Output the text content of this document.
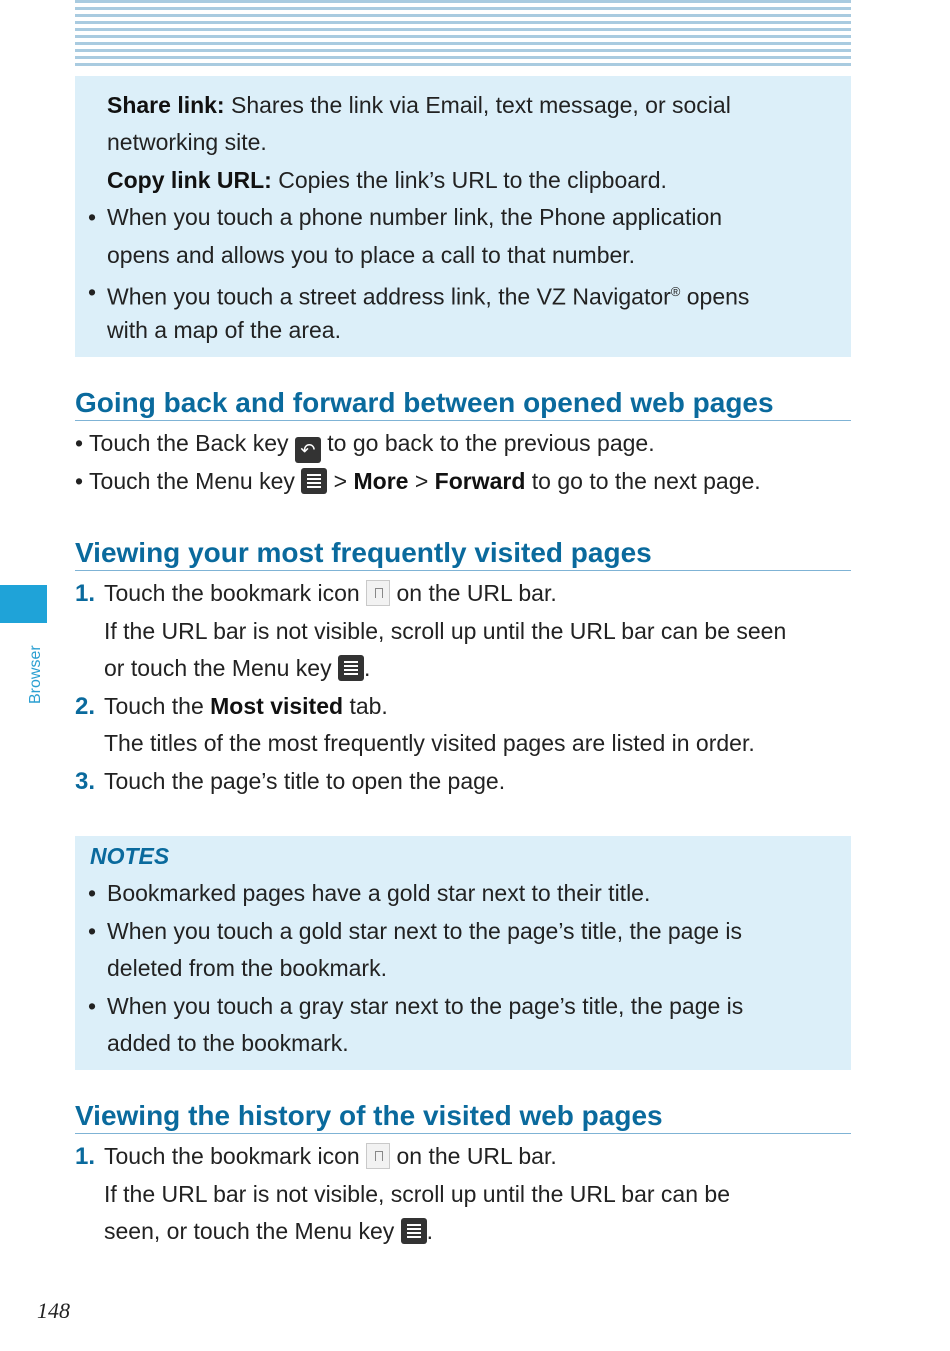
Share link: Shares the link via Email, text message, or social
networking site.
Copy link URL: Copies the link’s URL to the clipboard.
• When you touch a phone number link, the Phone application
opens and allows you to place a call to that number.
• When you touch a street address link, the VZ Navigator® opens
with a map of the area.
Going back and forward between opened web pages
• Touch the Back key ↶ to go back to the previous page.
• Touch the Menu key  > More > Forward to go to the next page.
Viewing your most frequently visited pages
1. Touch the bookmark icon  on the URL bar.
If the URL bar is not visible, scroll up until the URL bar can be seen
or touch the Menu key .
2. Touch the Most visited tab.
The titles of the most frequently visited pages are listed in order.
3. Touch the page’s title to open the page.
NOTES
• Bookmarked pages have a gold star next to their title.
• When you touch a gold star next to the page’s title, the page is
deleted from the bookmark.
• When you touch a gray star next to the page’s title, the page is
added to the bookmark.
Viewing the history of the visited web pages
1. Touch the bookmark icon  on the URL bar.
If the URL bar is not visible, scroll up until the URL bar can be
seen, or touch the Menu key .
Browser
148
